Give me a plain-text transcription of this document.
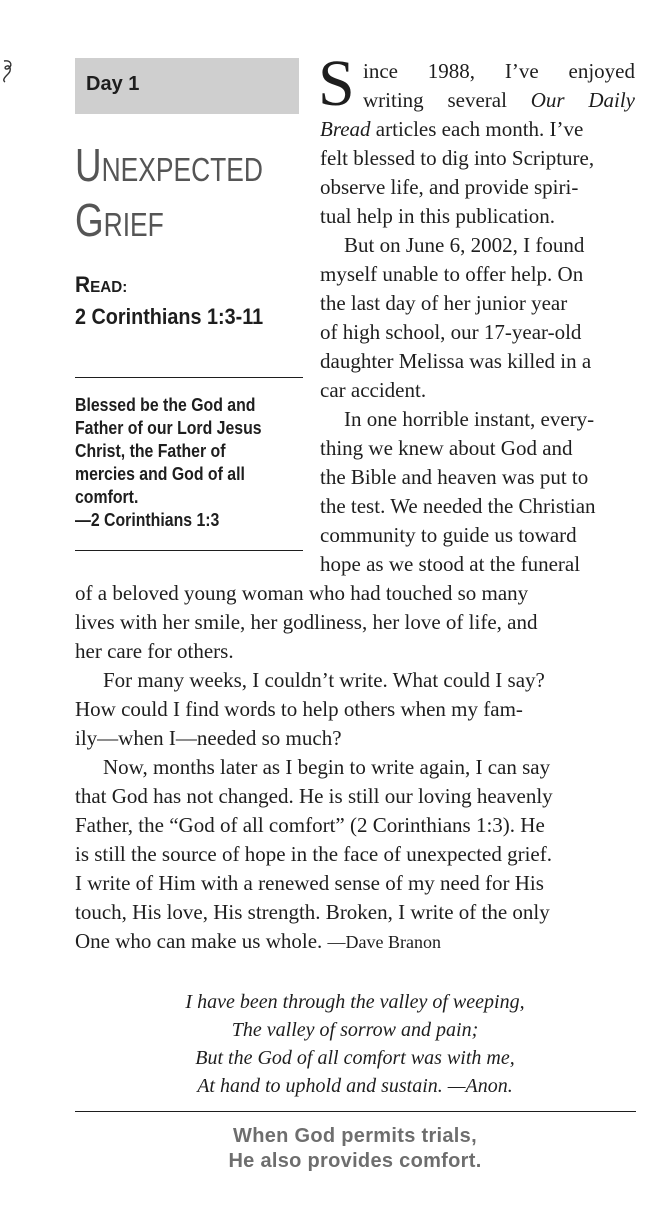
Day 1
UNEXPECTED
GRIEF
READ:
2 Corinthians 1:3-11
Blessed be the God and
Father of our Lord Jesus
Christ, the Father of
mercies and God of all
comfort.
—2 Corinthians 1:3
S ince 1988, I’ve enjoyed
writing several Our Daily
Bread articles each month. I’ve
felt blessed to dig into Scripture,
observe life, and provide spiri-
tual help in this publication.
But on June 6, 2002, I found
myself unable to offer help. On
the last day of her junior year
of high school, our 17-year-old
daughter Melissa was killed in a
car accident.
In one horrible instant, every-
thing we knew about God and
the Bible and heaven was put to
the test. We needed the Christian
community to guide us toward
hope as we stood at the funeral
of a beloved young woman who had touched so many
lives with her smile, her godliness, her love of life, and
her care for others.
For many weeks, I couldn’t write. What could I say?
How could I find words to help others when my fam-
ily—when I—needed so much?
Now, months later as I begin to write again, I can say
that God has not changed. He is still our loving heavenly
Father, the “God of all comfort” (2 Corinthians 1:3). He
is still the source of hope in the face of unexpected grief.
I write of Him with a renewed sense of my need for His
touch, His love, His strength. Broken, I write of the only
One who can make us whole. —Dave Branon
I have been through the valley of weeping,
The valley of sorrow and pain;
But the God of all comfort was with me,
At hand to uphold and sustain. —Anon.
When God permits trials,
He also provides comfort.
